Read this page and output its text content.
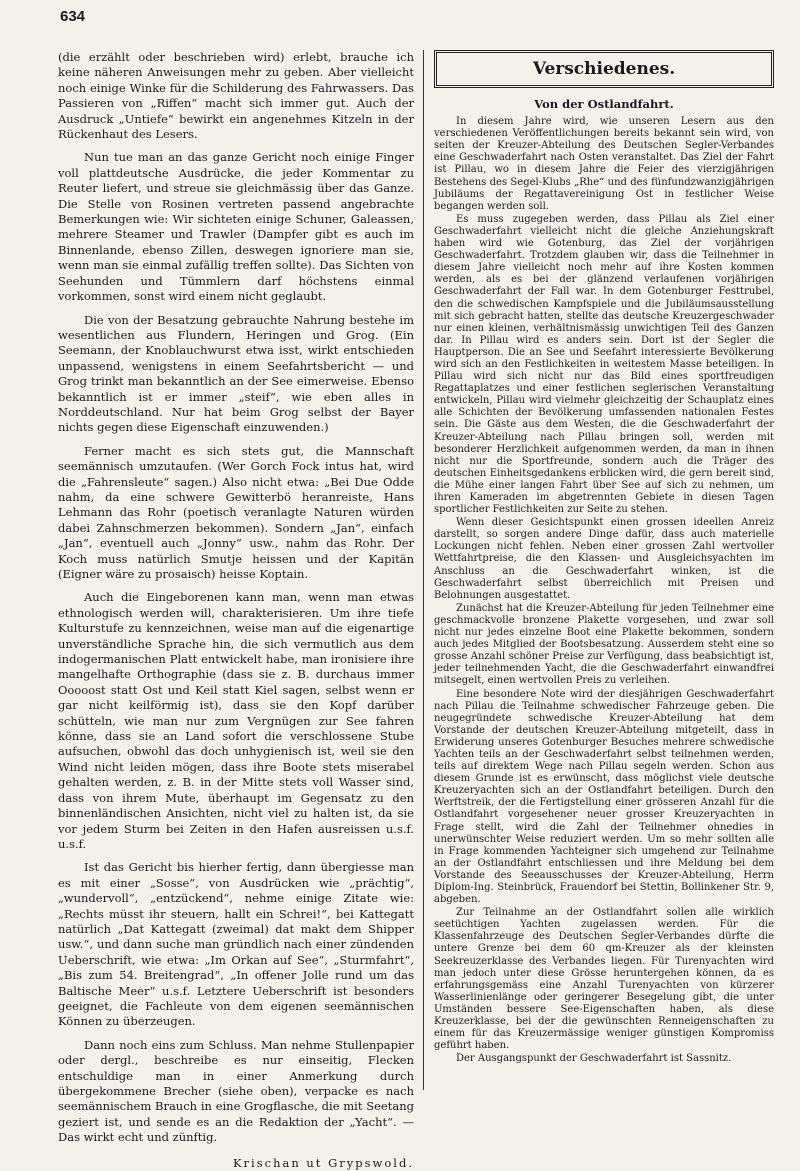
634

(die erzählt oder beschrieben wird) erlebt, brauche ich keine näheren Anweisungen mehr zu geben. Aber vielleicht noch einige Winke für die Schilderung des Fahrwassers. Das Passieren von „Riffen“ macht sich immer gut. Auch der Ausdruck „Untiefe“ bewirkt ein angenehmes Kitzeln in der Rückenhaut des Lesers.

Nun tue man an das ganze Gericht noch einige Finger voll plattdeutsche Ausdrücke, die jeder Kommentar zu Reuter liefert, und streue sie gleichmässig über das Ganze. Die Stelle von Rosinen vertreten passend angebrachte Bemerkungen wie: Wir sichteten einige Schuner, Galeassen, mehrere Steamer und Trawler (Dampfer gibt es auch im Binnenlande, ebenso Zillen, deswegen ignoriere man sie, wenn man sie einmal zufällig treffen sollte). Das Sichten von Seehunden und Tümmlern darf höchstens einmal vorkommen, sonst wird einem nicht geglaubt.

Die von der Besatzung gebrauchte Nahrung bestehe im wesentlichen aus Flundern, Heringen und Grog. (Ein Seemann, der Knoblauchwurst etwa isst, wirkt entschieden unpassend, wenigstens in einem Seefahrtsbericht — und Grog trinkt man bekanntlich an der See eimerweise. Ebenso bekanntlich ist er immer „steif“, wie eben alles in Norddeutschland. Nur hat beim Grog selbst der Bayer nichts gegen diese Eigenschaft einzuwenden.)

Ferner macht es sich stets gut, die Mannschaft seemännisch umzutaufen. (Wer Gorch Fock intus hat, wird die „Fahrensleute“ sagen.) Also nicht etwa: „Bei Due Odde nahm, da eine schwere Gewitterbö heranreiste, Hans Lehmann das Rohr (poetisch veranlagte Naturen würden dabei Zahnschmerzen bekommen). Sondern „Jan“, einfach „Jan“, eventuell auch „Jonny“ usw., nahm das Rohr. Der Koch muss natürlich Smutje heissen und der Kapitän (Eigner wäre zu prosaisch) heisse Koptain.

Auch die Eingeborenen kann man, wenn man etwas ethnologisch werden will, charakterisieren. Um ihre tiefe Kulturstufe zu kennzeichnen, weise man auf die eigenartige unverständliche Sprache hin, die sich vermutlich aus dem indogermanischen Platt entwickelt habe, man ironisiere ihre mangelhafte Orthographie (dass sie z. B. durchaus immer Ooooost statt Ost und Keil statt Kiel sagen, selbst wenn er gar nicht keilförmig ist), dass sie den Kopf darüber schütteln, wie man nur zum Vergnügen zur See fahren könne, dass sie an Land sofort die verschlossene Stube aufsuchen, obwohl das doch unhygienisch ist, weil sie den Wind nicht leiden mögen, dass ihre Boote stets miserabel gehalten werden, z. B. in der Mitte stets voll Wasser sind, dass von ihrem Mute, überhaupt im Gegensatz zu den binnenländischen Ansichten, nicht viel zu halten ist, da sie vor jedem Sturm bei Zeiten in den Hafen ausreissen u.s.f. u.s.f.

Ist das Gericht bis hierher fertig, dann übergiesse man es mit einer „Sosse“, von Ausdrücken wie „prächtig“, „wundervoll“, „entzückend“, nehme einige Zitate wie: „Rechts müsst ihr steuern, hallt ein Schrei!“, bei Kattegatt natürlich „Dat Kattegatt (zweimal) dat makt dem Shipper usw.“, und dann suche man gründlich nach einer zündenden Ueberschrift, wie etwa: „Im Orkan auf See“, „Sturmfahrt“, „Bis zum 54. Breitengrad“, „In offener Jolle rund um das Baltische Meer“ u.s.f. Letztere Ueberschrift ist besonders geeignet, die Fachleute von dem eigenen seemännischen Können zu überzeugen.

Dann noch eins zum Schluss. Man nehme Stullenpapier oder dergl., beschreibe es nur einseitig, Flecken entschuldige man in einer Anmerkung durch übergekommene Brecher (siehe oben), verpacke es nach seemännischem Brauch in eine Grogflasche, die mit Seetang geziert ist, und sende es an die Redaktion der „Yacht“. — Das wirkt echt und zünftig.

Krischan ut Grypswold.
Verschiedenes.
Von der Ostlandfahrt.

In diesem Jahre wird, wie unseren Lesern aus den verschiedenen Veröffentlichungen bereits bekannt sein wird, von seiten der Kreuzer-Abteilung des Deutschen Segler-Verbandes eine Geschwaderfahrt nach Osten veranstaltet. Das Ziel der Fahrt ist Pillau, wo in diesem Jahre die Feier des vierzigjährigen Bestehens des Segel-Klubs „Rhe“ und des fünfundzwanzigjährigen Jubiläums der Regattavereinigung Ost in festlicher Weise begangen werden soll.

Es muss zugegeben werden, dass Pillau als Ziel einer Geschwaderfahrt vielleicht nicht die gleiche Anziehungskraft haben wird wie Gotenburg, das Ziel der vorjährigen Geschwaderfahrt. Trotzdem glauben wir, dass die Teilnehmer in diesem Jahre vielleicht noch mehr auf ihre Kosten kommen werden, als es bei der glänzend verlaufenen vorjährigen Geschwaderfahrt der Fall war. In dem Gotenburger Festtrubel, den die schwedischen Kampfspiele und die Jubiläumsausstellung mit sich gebracht hatten, stellte das deutsche Kreuzergeschwader nur einen kleinen, verhältnismässig unwichtigen Teil des Ganzen dar. In Pillau wird es anders sein. Dort ist der Segler die Hauptperson. Die an See und Seefahrt interessierte Bevölkerung wird sich an den Festlichkeiten in weitestem Masse beteiligen. In Pillau wird sich nicht nur das Bild eines sportfreudigen Regattaplatzes und einer festlichen seglerischen Veranstaltung entwickeln, Pillau wird vielmehr gleichzeitig der Schauplatz eines alle Schichten der Bevölkerung umfassenden nationalen Festes sein. Die Gäste aus dem Westen, die die Geschwaderfahrt der Kreuzer-Abteilung nach Pillau bringen soll, werden mit besonderer Herzlichkeit aufgenommen werden, da man in ihnen nicht nur die Sportfreunde, sondern auch die Träger des deutschen Einheitsgedankens erblicken wird, die gern bereit sind, die Mühe einer langen Fahrt über See auf sich zu nehmen, um ihren Kameraden im abgetrennten Gebiete in diesen Tagen sportlicher Festlichkeiten zur Seite zu stehen.

Wenn dieser Gesichtspunkt einen grossen ideellen Anreiz darstellt, so sorgen andere Dinge dafür, dass auch materielle Lockungen nicht fehlen. Neben einer grossen Zahl wertvoller Wettfahrtpreise, die den Klassen- und Ausgleichsyachten im Anschluss an die Geschwaderfahrt winken, ist die Geschwaderfahrt selbst überreichlich mit Preisen und Belohnungen ausgestattet.

Zunächst hat die Kreuzer-Abteilung für jeden Teilnehmer eine geschmackvolle bronzene Plakette vorgesehen, und zwar soll nicht nur jedes einzelne Boot eine Plakette bekommen, sondern auch jedes Mitglied der Bootsbesatzung. Ausserdem steht eine so grosse Anzahl schöner Preise zur Verfügung, dass beabsichtigt ist, jeder teilnehmenden Yacht, die die Geschwaderfahrt einwandfrei mitsegelt, einen wertvollen Preis zu verleihen.

Eine besondere Note wird der diesjährigen Geschwaderfahrt nach Pillau die Teilnahme schwedischer Fahrzeuge geben. Die neugegründete schwedische Kreuzer-Abteilung hat dem Vorstande der deutschen Kreuzer-Abteilung mitgeteilt, dass in Erwiderung unseres Gotenburger Besuches mehrere schwedische Yachten teils an der Geschwaderfahrt selbst teilnehmen werden, teils auf direktem Wege nach Pillau segeln werden. Schon aus diesem Grunde ist es erwünscht, dass möglichst viele deutsche Kreuzeryachten sich an der Ostlandfahrt beteiligen. Durch den Werftstreik, der die Fertigstellung einer grösseren Anzahl für die Ostlandfahrt vorgesehener neuer grosser Kreuzeryachten in Frage stellt, wird die Zahl der Teilnehmer ohnedies in unerwünschter Weise reduziert werden. Um so mehr sollten alle in Frage kommenden Yachteigner sich umgehend zur Teilnahme an der Ostlandfahrt entschliessen und ihre Meldung bei dem Vorstande des Seeausschusses der Kreuzer-Abteilung, Herrn Diplom-Ing. Steinbrück, Frauendorf bei Stettin, Bollinkener Str. 9, abgeben.

Zur Teilnahme an der Ostlandfahrt sollen alle wirklich seetüchtigen Yachten zugelassen werden. Für die Klassenfahrzeuge des Deutschen Segler-Verbandes dürfte die untere Grenze bei dem 60 qm-Kreuzer als der kleinsten Seekreuzerklasse des Verbandes liegen. Für Turenyachten wird man jedoch unter diese Grösse heruntergehen können, da es erfahrungsgemäss eine Anzahl Turenyachten von kürzerer Wasserlinienlänge oder geringerer Besegelung gibt, die unter Umständen bessere See-Eigenschaften haben, als diese Kreuzerklasse, bei der die gewünschten Renneigenschaften zu einem für das Kreuzermässige weniger günstigen Kompromiss geführt haben.

Der Ausgangspunkt der Geschwaderfahrt ist Sassnitz.
